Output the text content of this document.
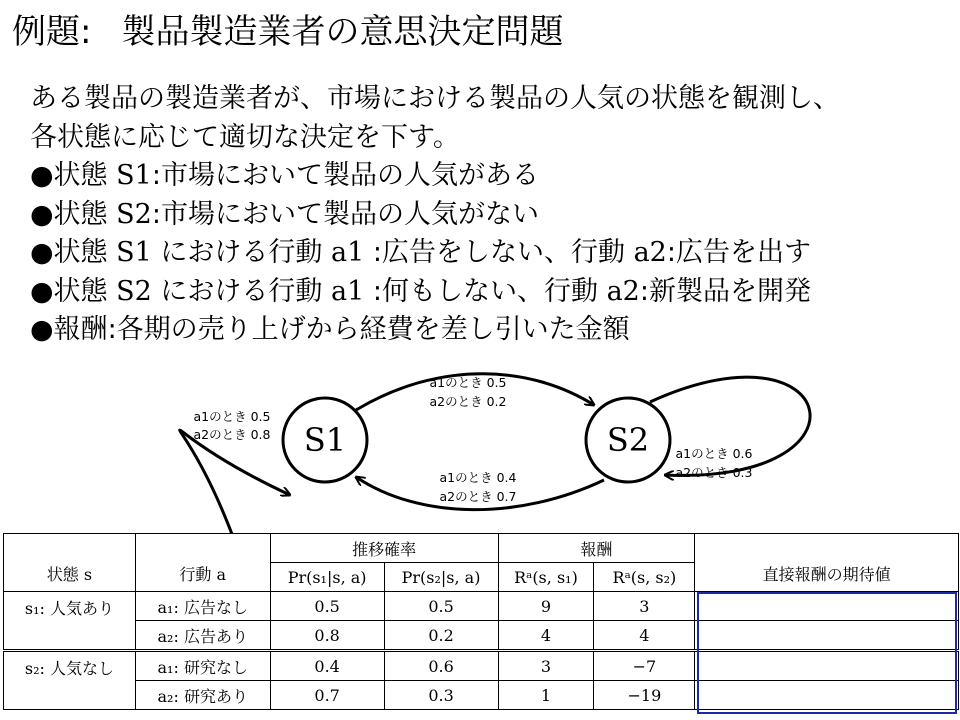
例題: 製品製造業者の意思決定問題
ある製品の製造業者が、市場における製品の人気の状態を観測し、
各状態に応じて適切な決定を下す。
●状態 S1:市場において製品の人気がある
●状態 S2:市場において製品の人気がない
●状態 S1 における行動 a1 :広告をしない、行動 a2:広告を出す
●状態 S2 における行動 a1 :何もしない、行動 a2:新製品を開発
●報酬:各期の売り上げから経費を差し引いた金額
S1	S2
a1のとき 0.5
a2のとき 0.8
a1のとき 0.5
a2のとき 0.2
a1のとき 0.4
a2のとき 0.7
a1のとき 0.6
a2のとき 0.3
状態 s	行動 a	推移確率		報酬		直接報酬の期待値
		Pr(s₁|s, a)	Pr(s₂|s, a)	Rᵃ(s, s₁)	Rᵃ(s, s₂)	
s₁: 人気あり	a₁: 広告なし	0.5	0.5	9	3	
	a₂: 広告あり	0.8	0.2	4	4	
s₂: 人気なし	a₁: 研究なし	0.4	0.6	3	−7	
	a₂: 研究あり	0.7	0.3	1	−19	
